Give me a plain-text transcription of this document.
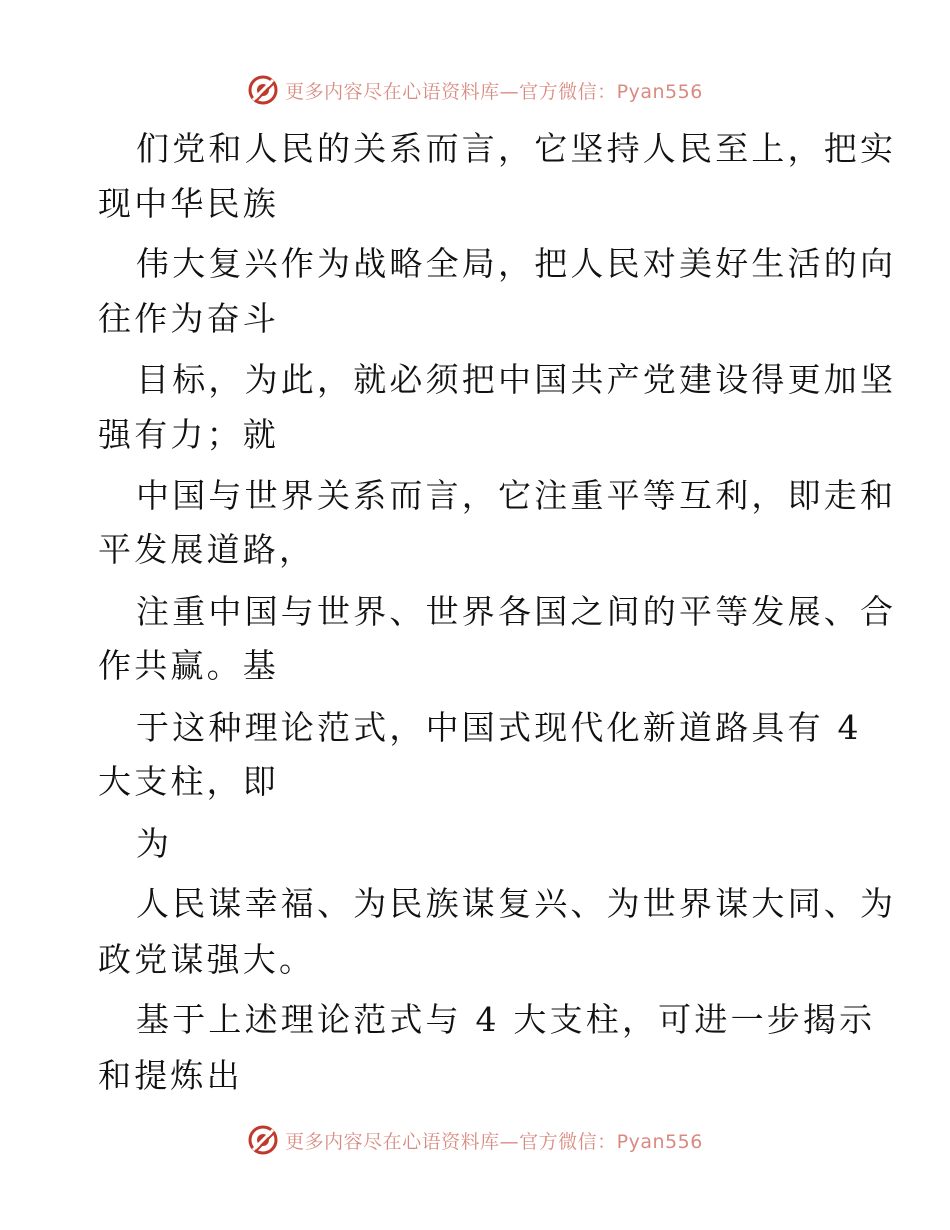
更多内容尽在心语资料库—官方微信：Pyan556
们党和人民的关系而言，它坚持人民至上，把实
现中华民族
伟大复兴作为战略全局，把人民对美好生活的向
往作为奋斗
目标，为此，就必须把中国共产党建设得更加坚
强有力；就
中国与世界关系而言，它注重平等互利，即走和
平发展道路，
注重中国与世界、世界各国之间的平等发展、合
作共赢。基
于这种理论范式，中国式现代化新道路具有 4
大支柱，即
为
人民谋幸福、为民族谋复兴、为世界谋大同、为
政党谋强大。
基于上述理论范式与 4 大支柱，可进一步揭示
和提炼出
更多内容尽在心语资料库—官方微信：Pyan556
